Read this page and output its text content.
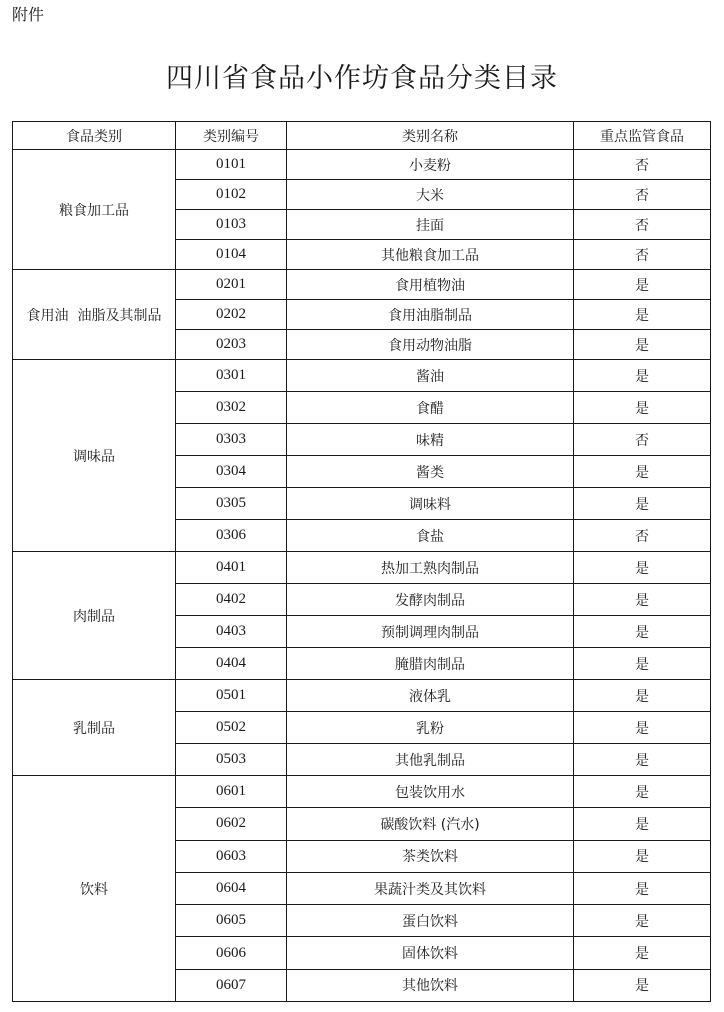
附件
四川省食品小作坊食品分类目录
食品类别	类别编号	类别名称	重点监管食品
粮食加工品	0101	小麦粉	否
	0102	大米	否
	0103	挂面	否
	0104	其他粮食加工品	否
食用油  油脂及其制品	0201	食用植物油	是
	0202	食用油脂制品	是
	0203	食用动物油脂	是
调味品	0301	酱油	是
	0302	食醋	是
	0303	味精	否
	0304	酱类	是
	0305	调味料	是
	0306	食盐	否
肉制品	0401	热加工熟肉制品	是
	0402	发酵肉制品	是
	0403	预制调理肉制品	是
	0404	腌腊肉制品	是
乳制品	0501	液体乳	是
	0502	乳粉	是
	0503	其他乳制品	是
饮料	0601	包装饮用水	是
	0602	碳酸饮料 (汽水)	是
	0603	茶类饮料	是
	0604	果蔬汁类及其饮料	是
	0605	蛋白饮料	是
	0606	固体饮料	是
	0607	其他饮料	是
